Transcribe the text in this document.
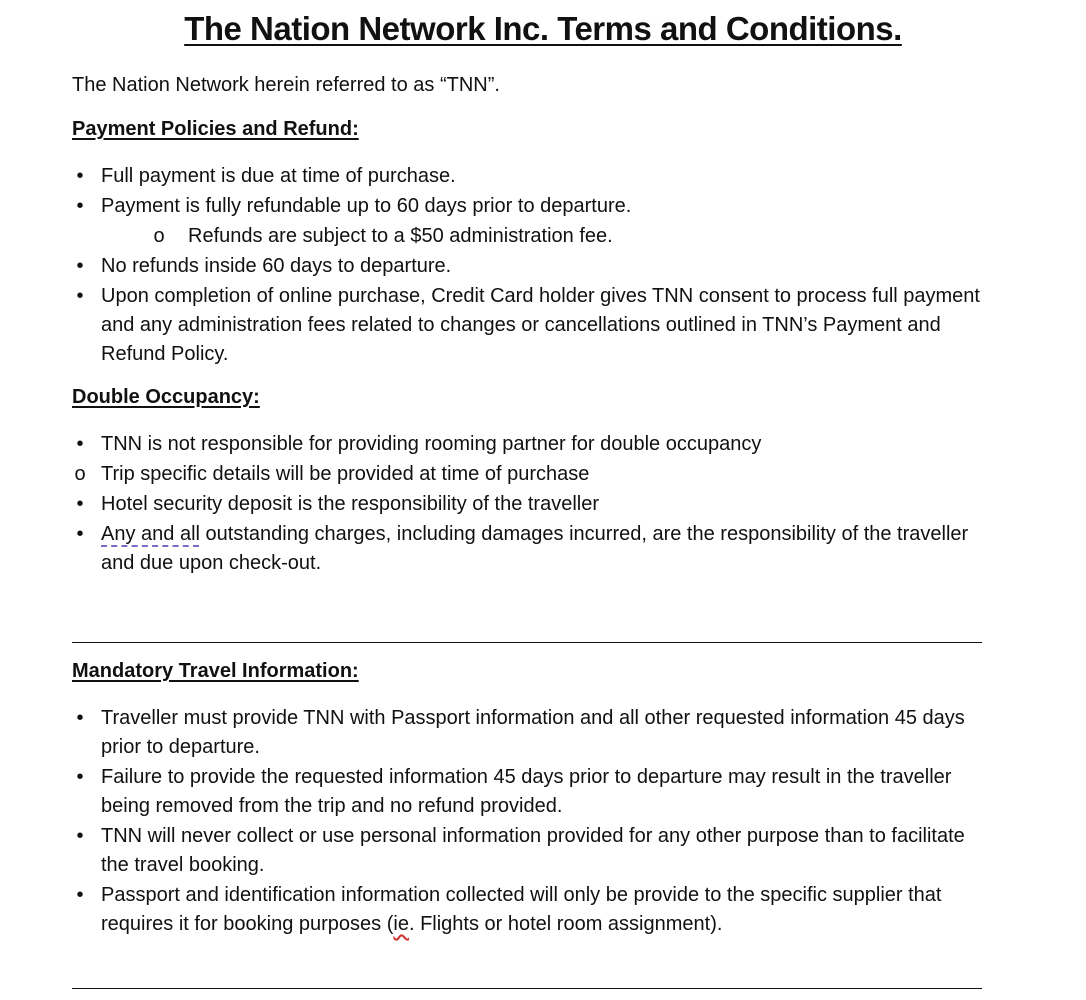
The Nation Network Inc. Terms and Conditions.

The Nation Network herein referred to as “TNN”.

Payment Policies and Refund:

• Full payment is due at time of purchase.
• Payment is fully refundable up to 60 days prior to departure.
o Refunds are subject to a $50 administration fee.
• No refunds inside 60 days to departure.
• Upon completion of online purchase, Credit Card holder gives TNN consent to process full payment and any administration fees related to changes or cancellations outlined in TNN’s Payment and Refund Policy.

Double Occupancy:

• TNN is not responsible for providing rooming partner for double occupancy
o Trip specific details will be provided at time of purchase
• Hotel security deposit is the responsibility of the traveller
• Any and all outstanding charges, including damages incurred, are the responsibility of the traveller and due upon check-out.

Mandatory Travel Information:

• Traveller must provide TNN with Passport information and all other requested information 45 days prior to departure.
• Failure to provide the requested information 45 days prior to departure may result in the traveller being removed from the trip and no refund provided.
• TNN will never collect or use personal information provided for any other purpose than to facilitate the travel booking.
• Passport and identification information collected will only be provide to the specific supplier that requires it for booking purposes (ie. Flights or hotel room assignment).
